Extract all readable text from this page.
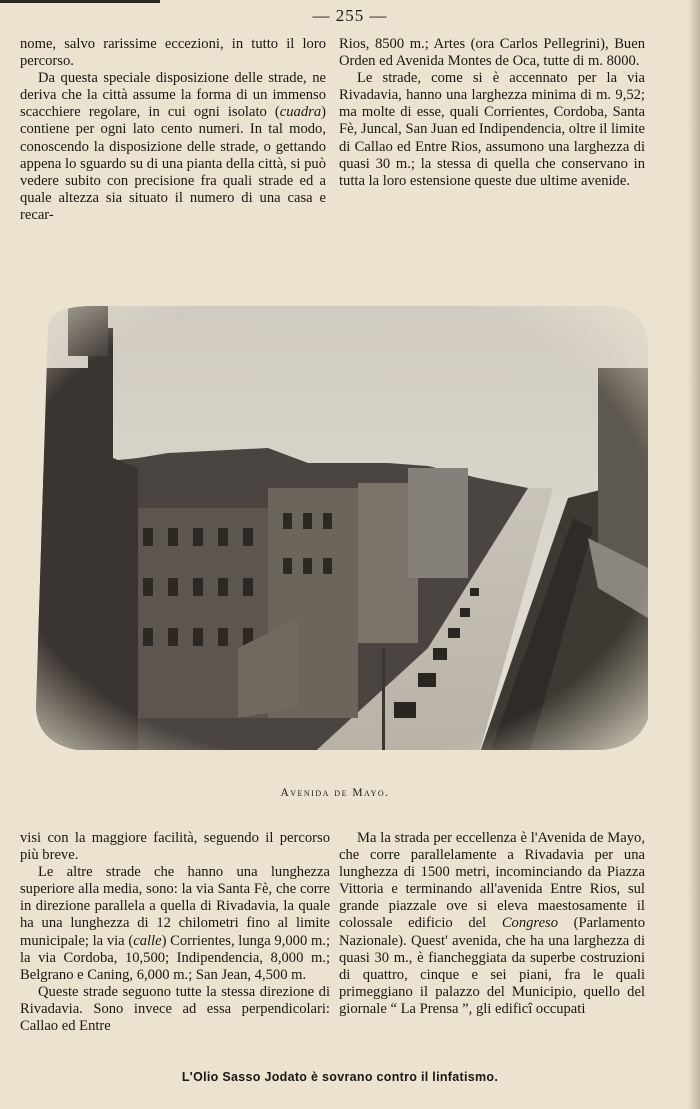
— 255 —

nome, salvo rarissime eccezioni, in tutto il loro percorso.

Da questa speciale disposizione delle strade, ne deriva che la città assume la forma di un immenso scacchiere regolare, in cui ogni isolato (cuadra) contiene per ogni lato cento numeri. In tal modo, conoscendo la disposizione delle strade, o gettando appena lo sguardo su di una pianta della città, si può vedere subito con precisione fra quali strade ed a quale altezza sia situato il numero di una casa e recar-

Rios, 8500 m.; Artes (ora Carlos Pellegrini), Buen Orden ed Avenida Montes de Oca, tutte di m. 8000.

Le strade, come si è accennato per la via Rivadavia, hanno una larghezza minima di m. 9,52; ma molte di esse, quali Corrientes, Cordoba, Santa Fè, Juncal, San Juan ed Indipendencia, oltre il limite di Callao ed Entre Rios, assumono una larghezza di quasi 30 m.; la stessa di quella che conservano in tutta la loro estensione queste due ultime avenide.

Avenida de Mayo.

visi con la maggiore facilità, seguendo il percorso più breve.

Le altre strade che hanno una lunghezza superiore alla media, sono: la via Santa Fè, che corre in direzione parallela a quella di Rivadavia, la quale ha una lunghezza di 12 chilometri fino al limite municipale; la via (calle) Corrientes, lunga 9,000 m.; la via Cordoba, 10,500; Indipendencia, 8,000 m.; Belgrano e Caning, 6,000 m.; San Jean, 4,500 m.

Queste strade seguono tutte la stessa direzione di Rivadavia. Sono invece ad essa perpendicolari: Callao ed Entre

Ma la strada per eccellenza è l'Avenida de Mayo, che corre parallelamente a Rivadavia per una lunghezza di 1500 metri, incominciando da Piazza Vittoria e terminando all'avenida Entre Rios, sul grande piazzale ove si eleva maestosamente il colossale edificio del Congreso (Parlamento Nazionale). Quest' avenida, che ha una larghezza di quasi 30 m., è fiancheggiata da superbe costruzioni di quattro, cinque e sei piani, fra le quali primeggiano il palazzo del Municipio, quello del giornale “ La Prensa ”, gli edificî occupati

L'Olio Sasso Jodato è sovrano contro il linfatismo.
